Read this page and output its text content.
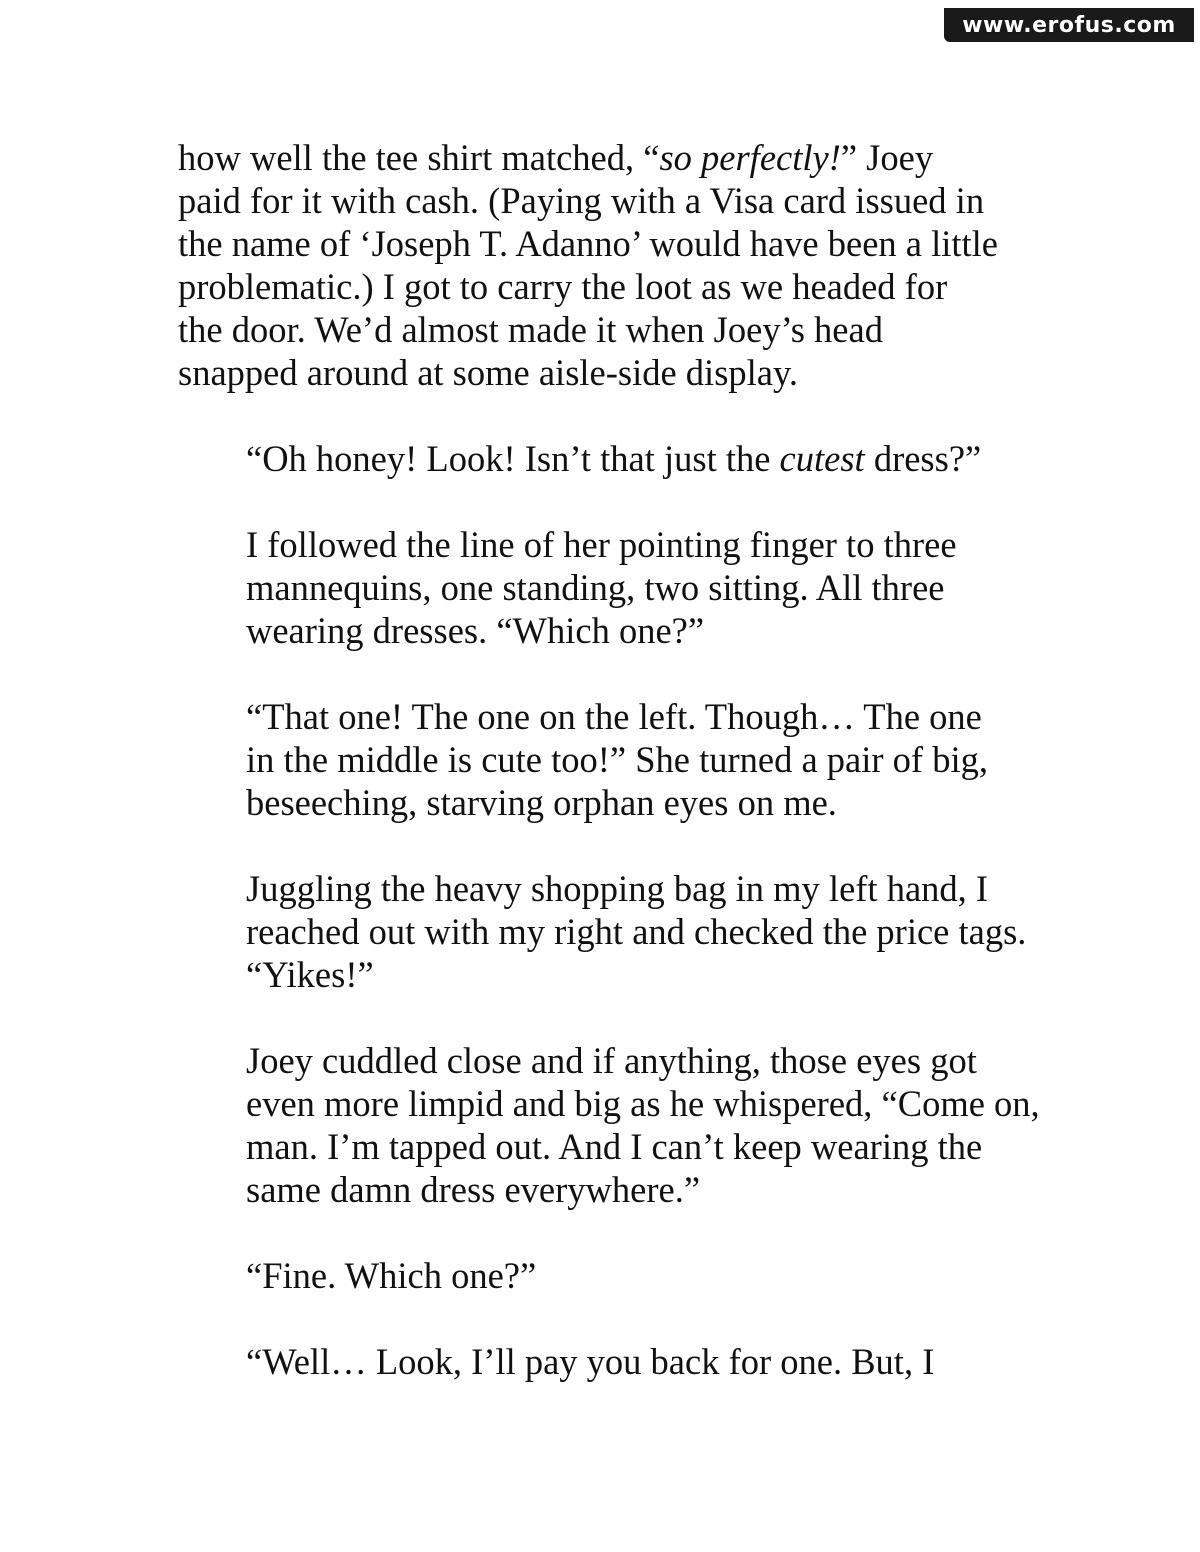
www.erofus.com

how well the tee shirt matched, “so perfectly!” Joey
paid for it with cash. (Paying with a Visa card issued in
the name of ‘Joseph T. Adanno’ would have been a little
problematic.) I got to carry the loot as we headed for
the door. We’d almost made it when Joey’s head
snapped around at some aisle-side display.

“Oh honey! Look! Isn’t that just the cutest dress?”

I followed the line of her pointing finger to three
mannequins, one standing, two sitting. All three
wearing dresses. “Which one?”

“That one! The one on the left. Though… The one
in the middle is cute too!” She turned a pair of big,
beseeching, starving orphan eyes on me.

Juggling the heavy shopping bag in my left hand, I
reached out with my right and checked the price tags.
“Yikes!”

Joey cuddled close and if anything, those eyes got
even more limpid and big as he whispered, “Come on,
man. I’m tapped out. And I can’t keep wearing the
same damn dress everywhere.”

“Fine. Which one?”

“Well… Look, I’ll pay you back for one. But, I
